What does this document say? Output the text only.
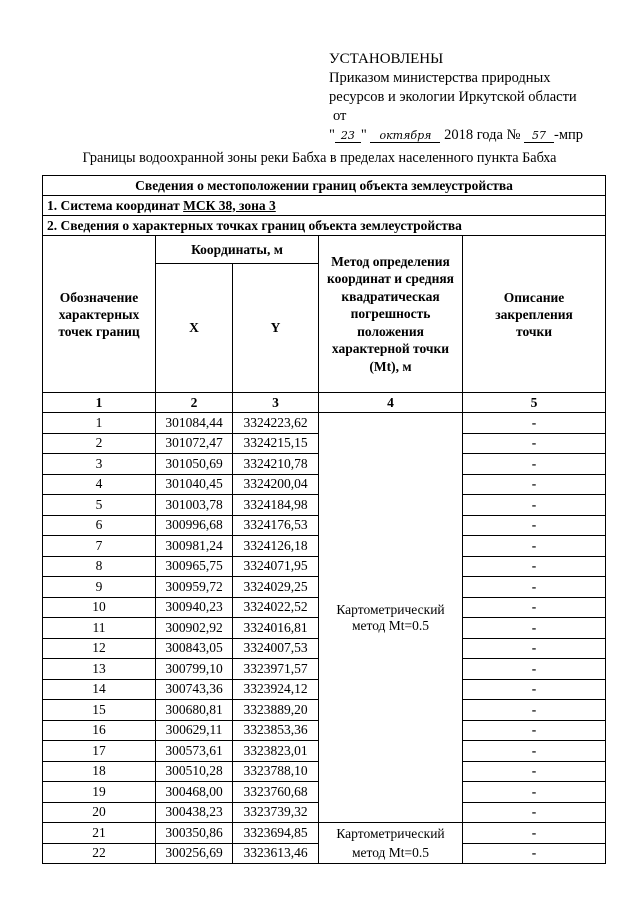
УСТАНОВЛЕНЫ
Приказом министерства природных
ресурсов и экологии Иркутской области
от
" 23 " октября 2018 года № 57 -мпр
Границы водоохранной зоны реки Бабха в пределах населенного пункта Бабха
Сведения о местоположении границ объекта землеустройства				
1. Система координат МСК 38, зона 3				
2. Сведения о характерных точках границ объекта землеустройства				
Обозначение характерных точек границ	Координаты, м		Метод определения координат и средняя квадратическая погрешность положения характерной точки (Mt), м	Описание закрепления точки
	X	Y		
1	2	3	4	5
1	301084,44	3324223,62	Картометрический метод Mt=0.5	-
2	301072,47	3324215,15		-
3	301050,69	3324210,78		-
4	301040,45	3324200,04		-
5	301003,78	3324184,98		-
6	300996,68	3324176,53		-
7	300981,24	3324126,18		-
8	300965,75	3324071,95		-
9	300959,72	3324029,25		-
10	300940,23	3324022,52		-
11	300902,92	3324016,81		-
12	300843,05	3324007,53		-
13	300799,10	3323971,57		-
14	300743,36	3323924,12		-
15	300680,81	3323889,20		-
16	300629,11	3323853,36		-
17	300573,61	3323823,01		-
18	300510,28	3323788,10		-
19	300468,00	3323760,68		-
20	300438,23	3323739,32		-
21	300350,86	3323694,85	Картометрический метод Mt=0.5	-
22	300256,69	3323613,46		-
